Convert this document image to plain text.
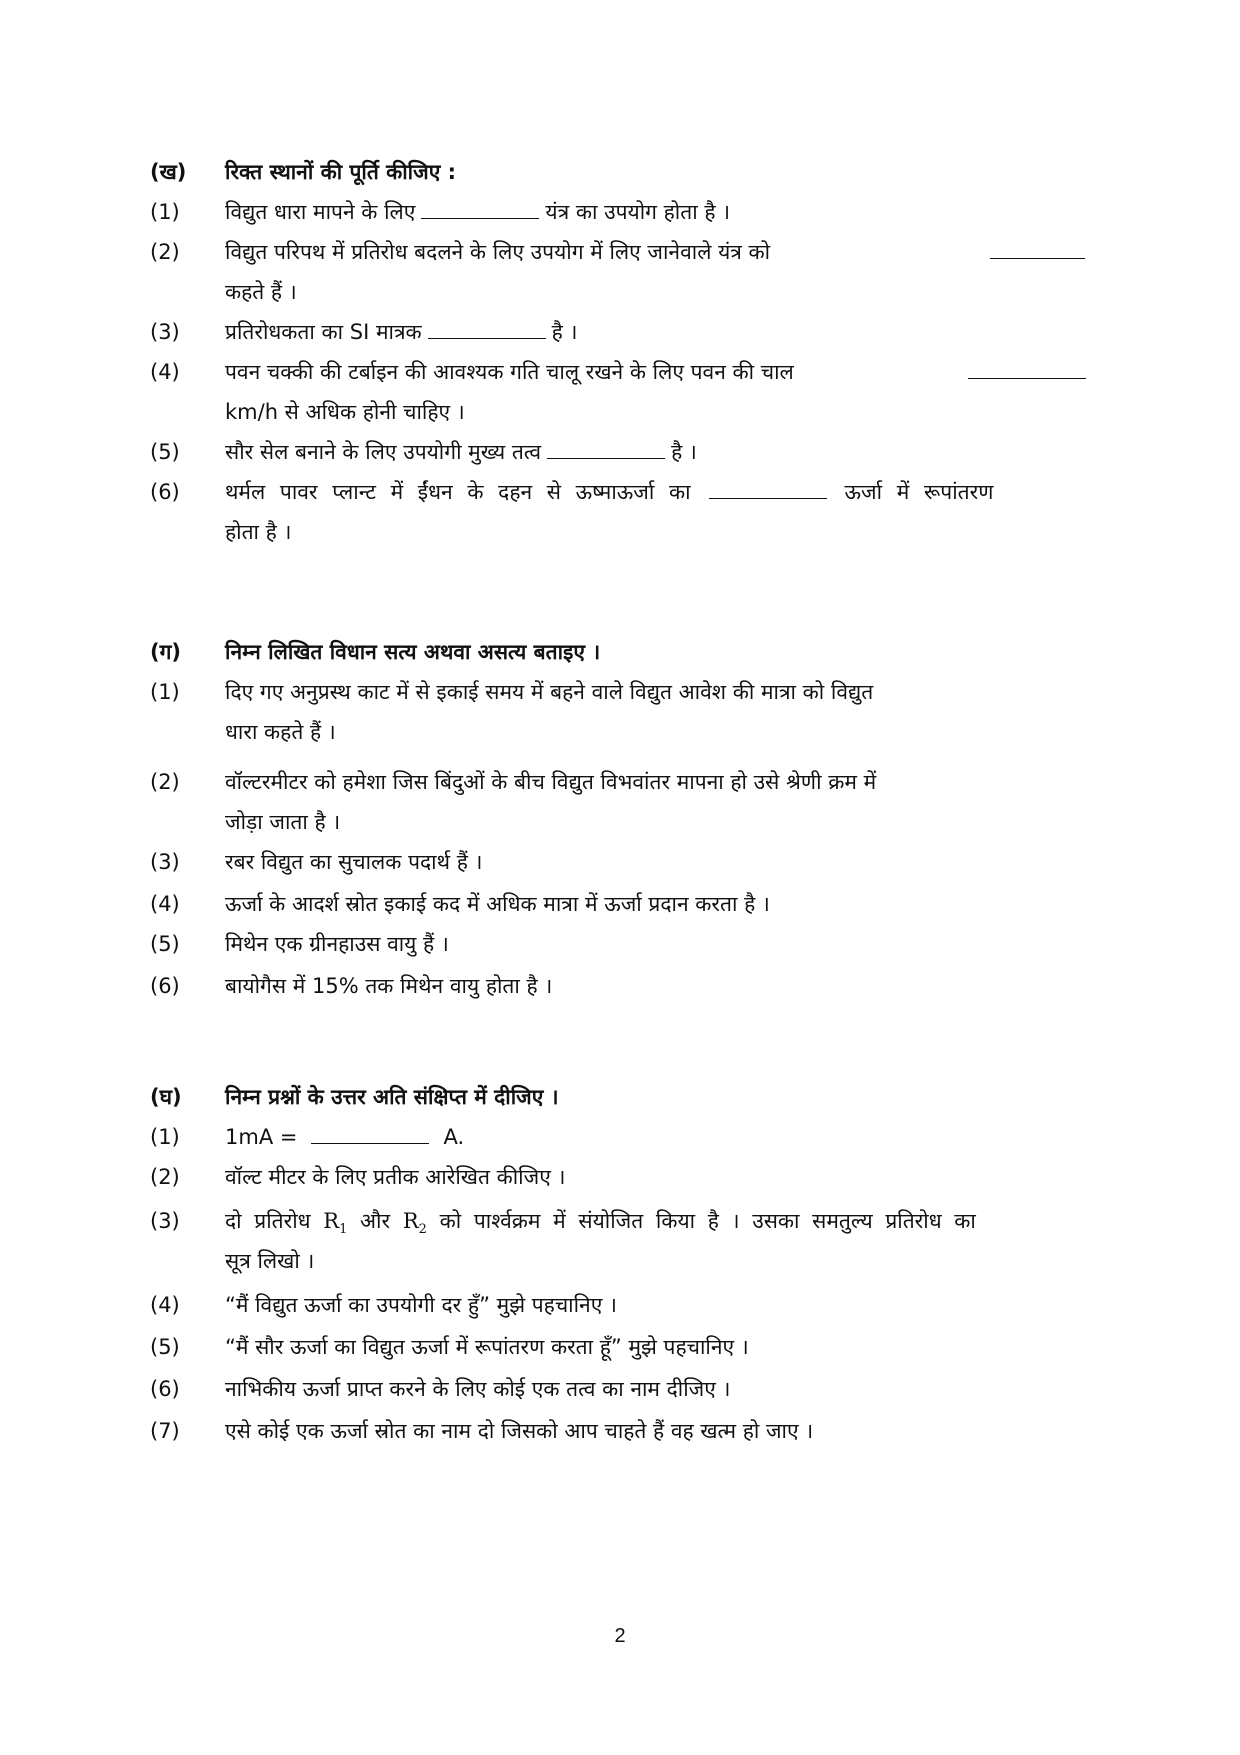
(ख)	रिक्त स्थानों की पूर्ति कीजिए :
(1)	विद्युत धारा मापने के लिए	यंत्र का उपयोग होता है ।
(2)	विद्युत परिपथ में प्रतिरोध बदलने के लिए उपयोग में लिए जानेवाले यंत्र को
कहते हैं ।
(3)	प्रतिरोधकता का SI मात्रक	है ।
(4)	पवन चक्की की टर्बाइन की आवश्यक गति चालू रखने के लिए पवन की चाल
km/h से अधिक होनी चाहिए ।
(5)	सौर सेल बनाने के लिए उपयोगी मुख्य तत्व	है ।
(6)	थर्मल पावर प्लान्ट में ईंधन के दहन से ऊष्माऊर्जा का	ऊर्जा में रूपांतरण
होता है ।
(ग)	निम्न लिखित विधान सत्य अथवा असत्य बताइए ।
(1)	दिए गए अनुप्रस्थ काट में से इकाई समय में बहने वाले विद्युत आवेश की मात्रा को विद्युत
धारा कहते हैं ।
(2)	वॉल्टरमीटर को हमेशा जिस बिंदुओं के बीच विद्युत विभवांतर मापना हो उसे श्रेणी क्रम में
जोड़ा जाता है ।
(3)	रबर विद्युत का सुचालक पदार्थ हैं ।
(4)	ऊर्जा के आदर्श स्रोत इकाई कद में अधिक मात्रा में ऊर्जा प्रदान करता है ।
(5)	मिथेन एक ग्रीनहाउस वायु हैं ।
(6)	बायोगैस में 15% तक मिथेन वायु होता है ।
(घ)	निम्न प्रश्नों के उत्तर अति संक्षिप्त में दीजिए ।
(1)	1mA =	A.
(2)	वॉल्ट मीटर के लिए प्रतीक आरेखित कीजिए ।
(3)	दो प्रतिरोध $R_1$ और $R_2$ को पार्श्वक्रम में संयोजित किया है । उसका समतुल्य प्रतिरोध का
सूत्र लिखो ।
(4)	“मैं विद्युत ऊर्जा का उपयोगी दर हुँ” मुझे पहचानिए ।
(5)	“मैं सौर ऊर्जा का विद्युत ऊर्जा में रूपांतरण करता हूँ” मुझे पहचानिए ।
(6)	नाभिकीय ऊर्जा प्राप्त करने के लिए कोई एक तत्व का नाम दीजिए ।
(7)	एसे कोई एक ऊर्जा स्रोत का नाम दो जिसको आप चाहते हैं वह खत्म हो जाए ।
2
